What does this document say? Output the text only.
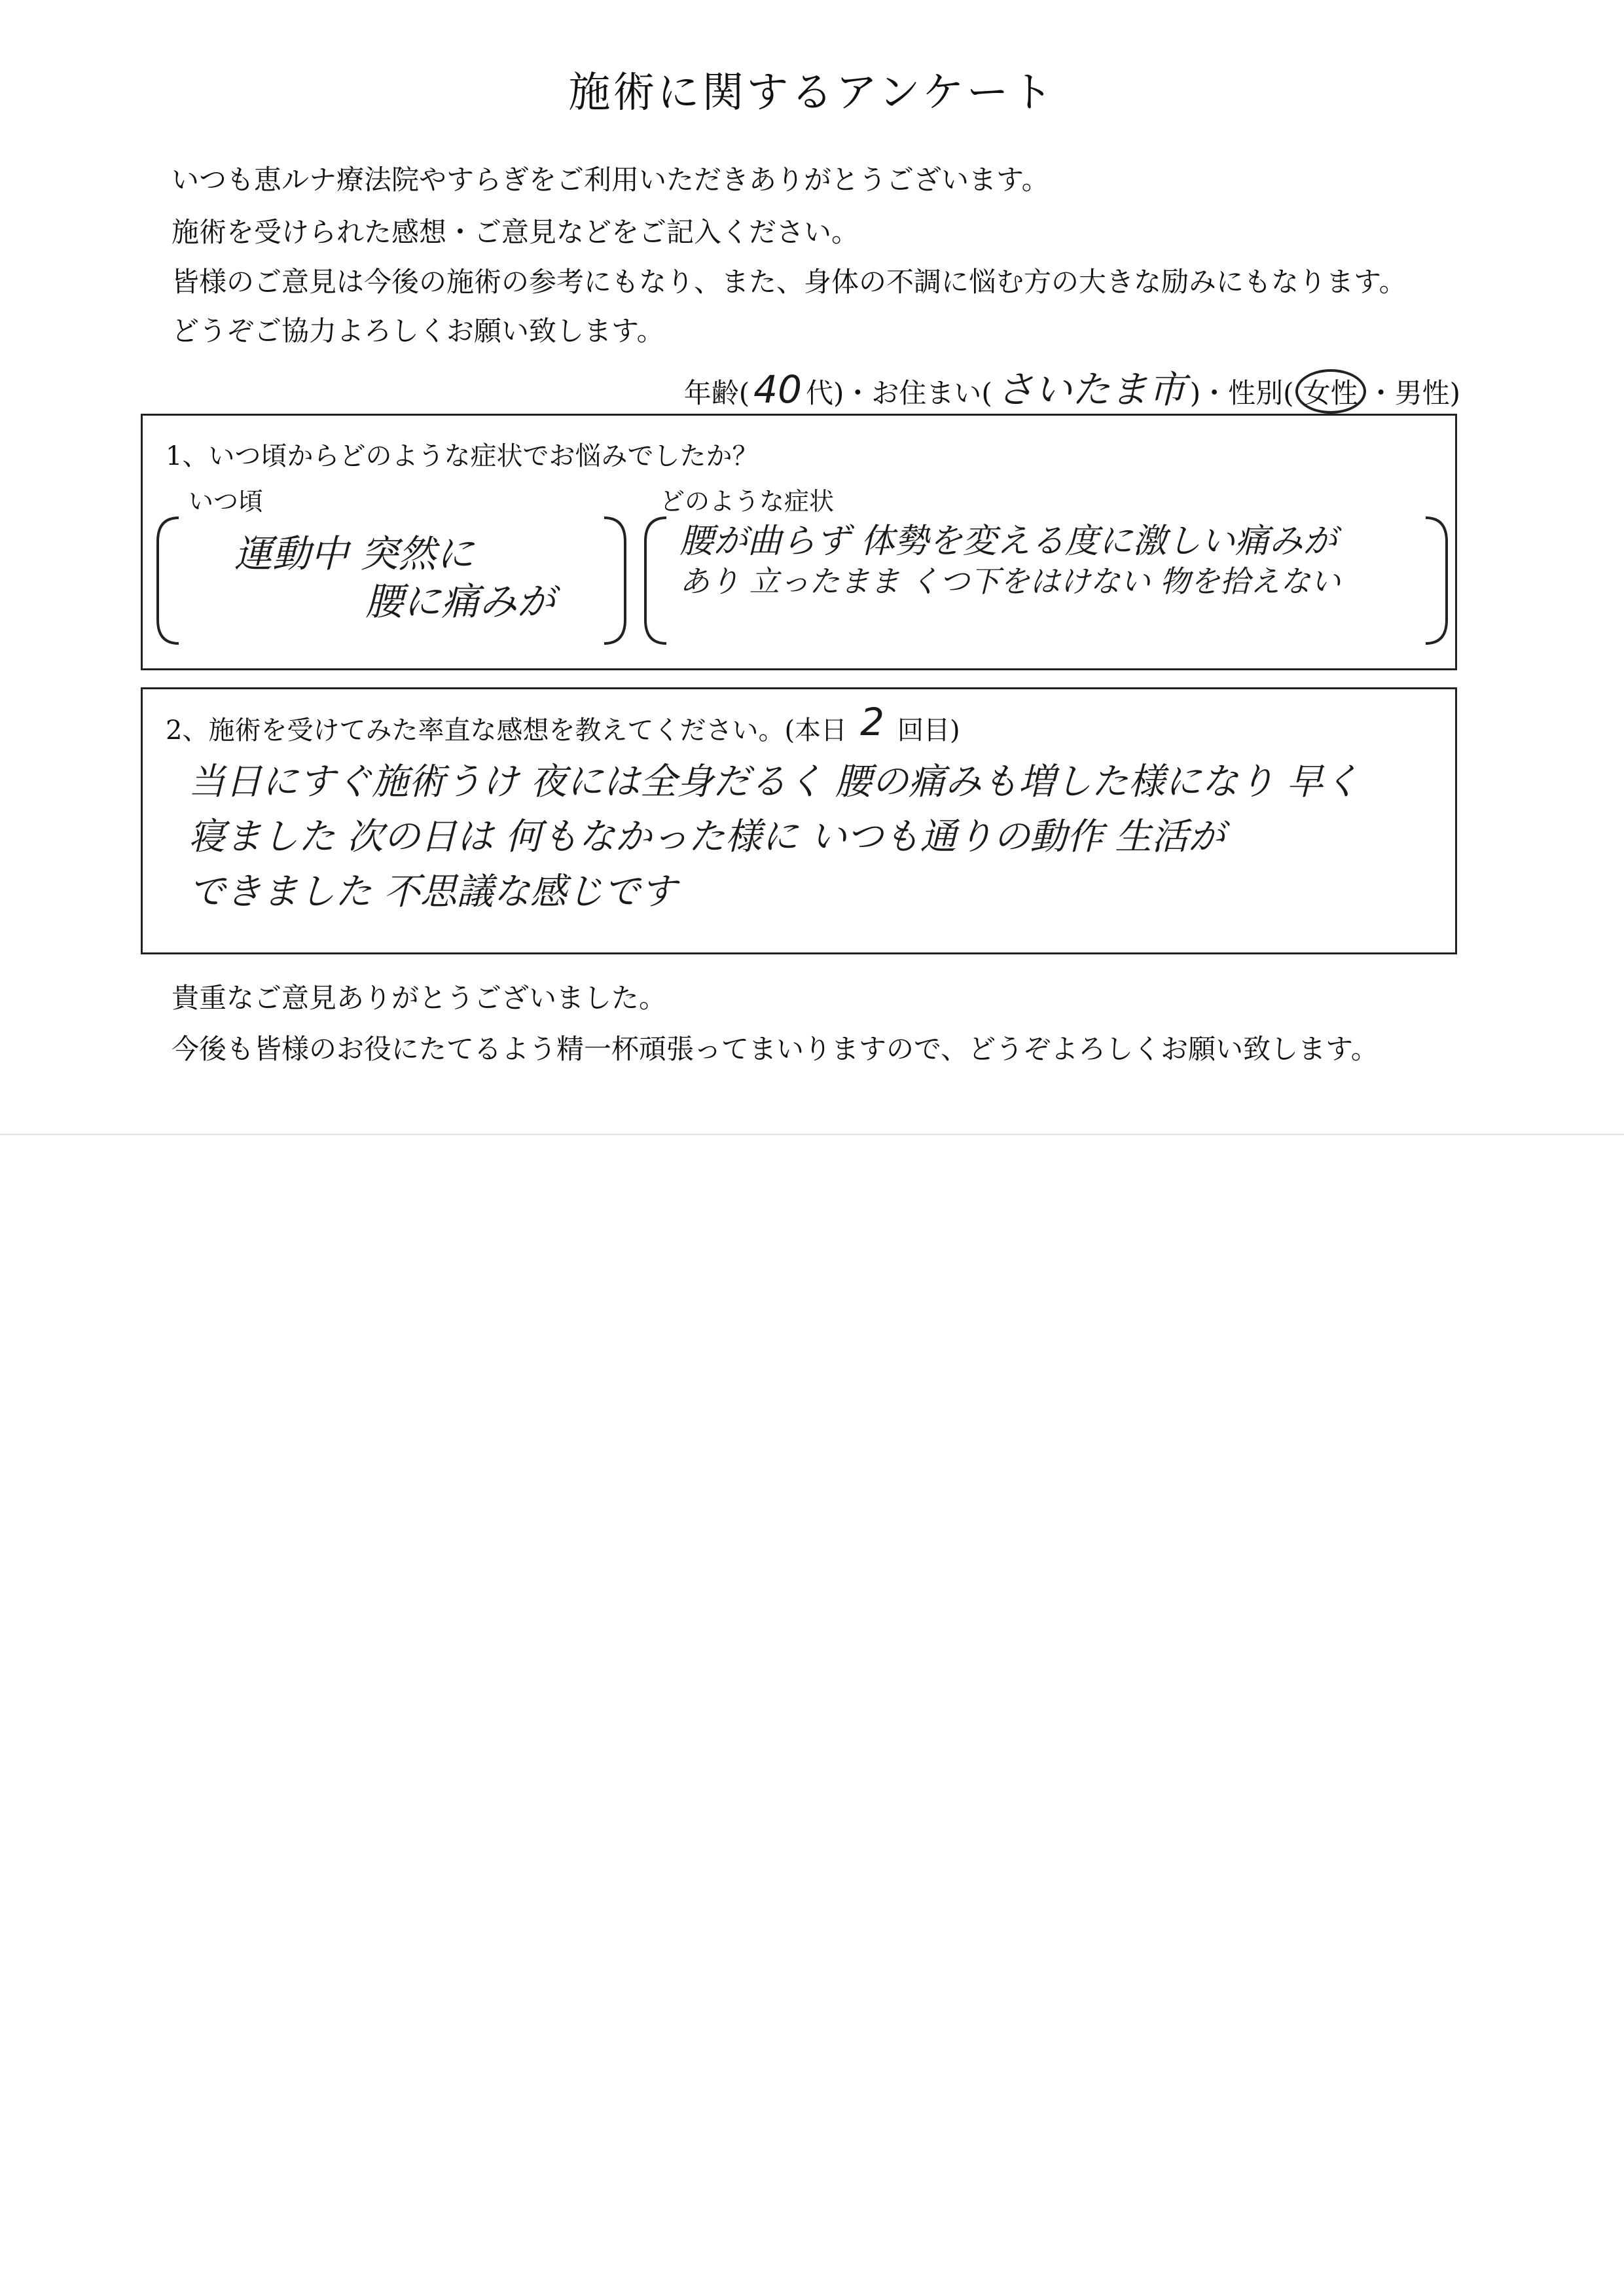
施術に関するアンケート
いつも恵ルナ療法院やすらぎをご利用いただきありがとうございます。
施術を受けられた感想・ご意見などをご記入ください。
皆様のご意見は今後の施術の参考にもなり、また、身体の不調に悩む方の大きな励みにもなります。
どうぞご協力よろしくお願い致します。
年齢( 40 代)・お住まい( さいたま市 )・性別( 女性 ・ 男性 )
1、いつ頃からどのような症状でお悩みでしたか？
いつ頃	どのような症状
運動中 突然に
腰に痛みが
腰が曲らず 体勢を変える度に激しい痛みが
あり 立ったまま くつ下をはけない 物を拾えない
2、施術を受けてみた率直な感想を教えてください。(本日 2 回目)
当日にすぐ施術うけ 夜には全身だるく 腰の痛みも増した様になり 早く
寝ました 次の日は 何もなかった様に いつも通りの動作 生活が
できました 不思議な感じです
貴重なご意見ありがとうございました。
今後も皆様のお役にたてるよう精一杯頑張ってまいりますので、どうぞよろしくお願い致します。
